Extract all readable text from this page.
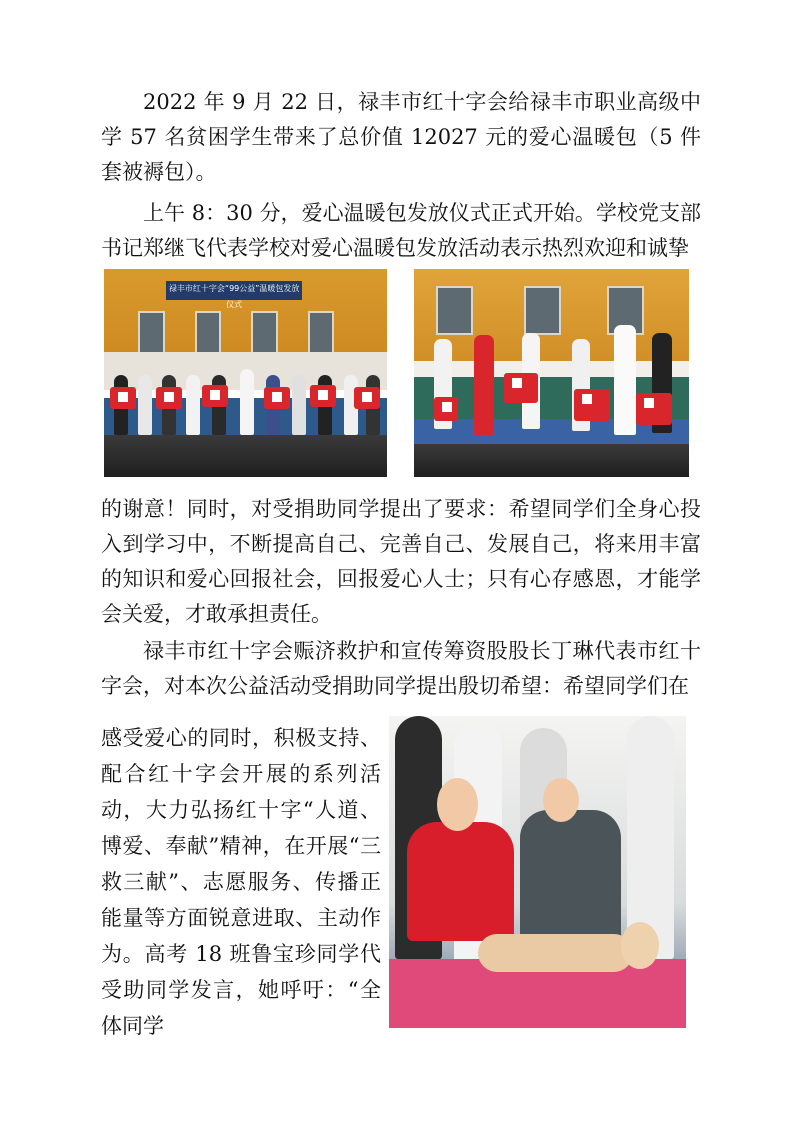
2022 年 9 月 22 日，禄丰市红十字会给禄丰市职业高级中学 57 名贫困学生带来了总价值 12027 元的爱心温暖包（5 件套被褥包）。

上午 8：30 分，爱心温暖包发放仪式正式开始。学校党支部书记郑继飞代表学校对爱心温暖包发放活动表示热烈欢迎和诚挚

禄丰市红十字会“99公益”温暖包发放仪式

的谢意！同时，对受捐助同学提出了要求：希望同学们全身心投入到学习中，不断提高自己、完善自己、发展自己，将来用丰富的知识和爱心回报社会，回报爱心人士；只有心存感恩，才能学会关爱，才敢承担责任。

禄丰市红十字会赈济救护和宣传筹资股股长丁琳代表市红十字会，对本次公益活动受捐助同学提出殷切希望：希望同学们在

感受爱心的同时，积极支持、配合红十字会开展的系列活动，大力弘扬红十字“人道、博爱、奉献”精神，在开展“三救三献”、志愿服务、传播正能量等方面锐意进取、主动作为。高考 18 班鲁宝珍同学代受助同学发言，她呼吁：“全体同学
